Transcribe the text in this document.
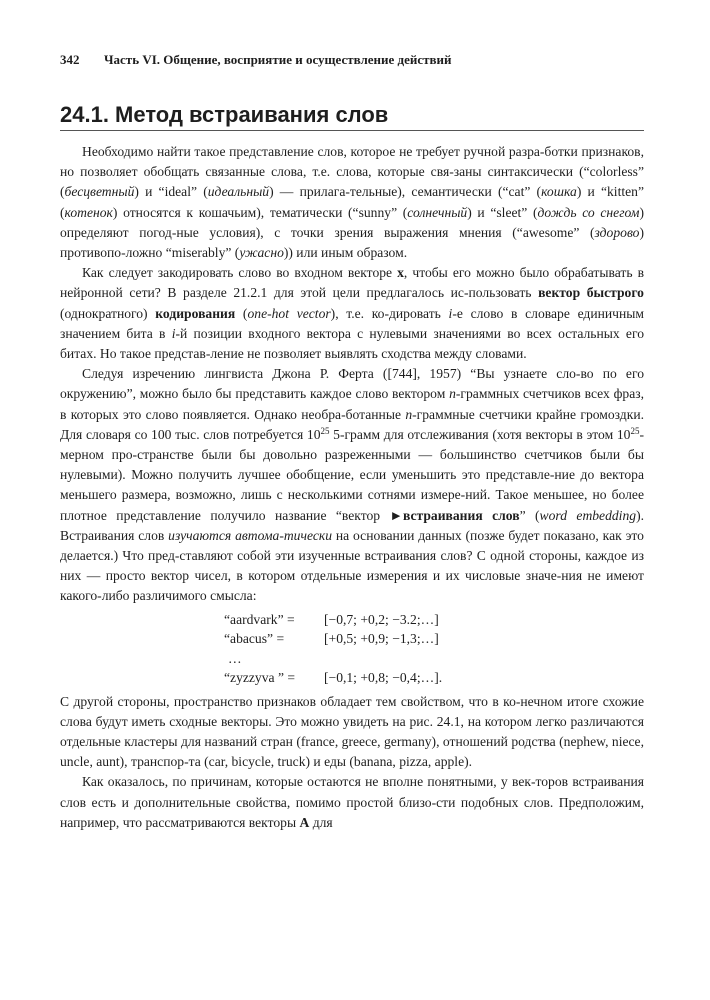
342 Часть VI. Общение, восприятие и осуществление действий
24.1. Метод встраивания слов

Необходимо найти такое представление слов, которое не требует ручной разра-ботки признаков, но позволяет обобщать связанные слова, т.е. слова, которые свя-заны синтаксически (“colorless” (бесцветный) и “ideal” (идеальный) — прилага-тельные), семантически (“cat” (кошка) и “kitten” (котенок) относятся к кошачьим), тематически (“sunny” (солнечный) и “sleet” (дождь со снегом) определяют погод-ные условия), с точки зрения выражения мнения (“awesome” (здорово) противопо-ложно “miserably” (ужасно)) или иным образом.

Как следует закодировать слово во входном векторе x, чтобы его можно было обрабатывать в нейронной сети? В разделе 21.2.1 для этой цели предлагалось ис-пользовать вектор быстрого (однократного) кодирования (one-hot vector), т.е. ко-дировать i-е слово в словаре единичным значением бита в i-й позиции входного вектора с нулевыми значениями во всех остальных его битах. Но такое представ-ление не позволяет выявлять сходства между словами.

Следуя изречению лингвиста Джона Р. Ферта ([744], 1957) “Вы узнаете сло-во по его окружению”, можно было бы представить каждое слово вектором n-граммных счетчиков всех фраз, в которых это слово появляется. Однако необра-ботанные n-граммные счетчики крайне громоздки. Для словаря со 100 тыс. слов потребуется $10^{25}$ 5-грамм для отслеживания (хотя векторы в этом $10^{25}$-мерном про-странстве были бы довольно разреженными — большинство счетчиков были бы нулевыми). Можно получить лучшее обобщение, если уменьшить это представле-ние до вектора меньшего размера, возможно, лишь с несколькими сотнями измере-ний. Такое меньшее, но более плотное представление получило название “вектор ►встраивания слов” (word embedding). Встраивания слов изучаются автома-тически на основании данных (позже будет показано, как это делается.) Что пред-ставляют собой эти изученные встраивания слов? С одной стороны, каждое из них — просто вектор чисел, в котором отдельные измерения и их числовые значе-ния не имеют какого-либо различимого смысла:

“aardvark” = [−0,7; +0,2; −3.2;…]
“abacus” =	[+0,5; +0,9; −1,3;…]
…
“zyzzyva ” = [−0,1; +0,8; −0,4;…].

С другой стороны, пространство признаков обладает тем свойством, что в ко-нечном итоге схожие слова будут иметь сходные векторы. Это можно увидеть на рис. 24.1, на котором легко различаются отдельные кластеры для названий стран (france, greece, germany), отношений родства (nephew, niece, uncle, aunt), транспор-та (car, bicycle, truck) и еды (banana, pizza, apple).

Как оказалось, по причинам, которые остаются не вполне понятными, у век-торов встраивания слов есть и дополнительные свойства, помимо простой близо-сти подобных слов. Предположим, например, что рассматриваются векторы A для
